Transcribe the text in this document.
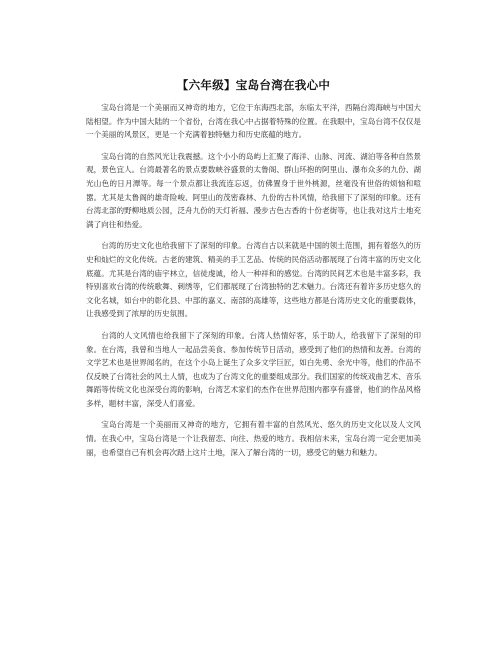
【六年级】宝岛台湾在我心中

宝岛台湾是一个美丽而又神奇的地方，它位于东海西北部，东临太平洋，西隔台湾海峡与中国大陆相望。作为中国大陆的一个省份，台湾在我心中占据着特殊的位置。在我眼中，宝岛台湾不仅仅是一个美丽的风景区，更是一个充满着独特魅力和历史底蕴的地方。

宝岛台湾的自然风光让我震撼。这个小小的岛屿上汇聚了海洋、山脉、河流、湖泊等各种自然景观，景色宜人。台湾最著名的景点要数峡谷盛景的太鲁阁、群山环抱的阿里山、瀑布众多的九份、湖光山色的日月潭等。每一个景点都让我流连忘返，仿佛置身于世外桃源，丝毫没有世俗的烦恼和喧嚣。尤其是太鲁阁的雄奇险峻、阿里山的茂密森林、九份的古朴风情，给我留下了深刻的印象。还有台湾北部的野柳地质公园，泛舟九份的天灯祈福、漫步古色古香的十份老街等，也让我对这片土地充满了向往和热爱。

台湾的历史文化也给我留下了深刻的印象。台湾自古以来就是中国的领土范围，拥有着悠久的历史和灿烂的文化传统。古老的建筑、精美的手工艺品、传统的民俗活动都展现了台湾丰富的历史文化底蕴。尤其是台湾的庙宇林立，信徒虔诚，给人一种祥和的感觉。台湾的民间艺术也是丰富多彩，我特别喜欢台湾的传统歌舞、刺绣等，它们都展现了台湾独特的艺术魅力。台湾还有着许多历史悠久的文化名城，如台中的彰化县、中部的嘉义、南部的高雄等，这些地方都是台湾历史文化的重要载体，让我感受到了浓厚的历史氛围。

台湾的人文风情也给我留下了深刻的印象。台湾人热情好客，乐于助人，给我留下了深刻的印象。在台湾，我曾和当地人一起品尝美食、参加传统节日活动，感受到了他们的热情和友善。台湾的文学艺术也是世界闻名的，在这个小岛上诞生了众多文学巨匠，如白先勇、余光中等，他们的作品不仅反映了台湾社会的风土人情，也成为了台湾文化的重要组成部分。我们国家的传统戏曲艺术、音乐舞蹈等传统文化也深受台湾的影响，台湾艺术家们的杰作在世界范围内都享有盛誉，他们的作品风格多样，题材丰富，深受人们喜爱。

宝岛台湾是一个美丽而又神奇的地方，它拥有着丰富的自然风光、悠久的历史文化以及人文风情。在我心中，宝岛台湾是一个让我留恋、向往、热爱的地方。我相信未来，宝岛台湾一定会更加美丽，也希望自己有机会再次踏上这片土地，深入了解台湾的一切，感受它的魅力和魅力。
